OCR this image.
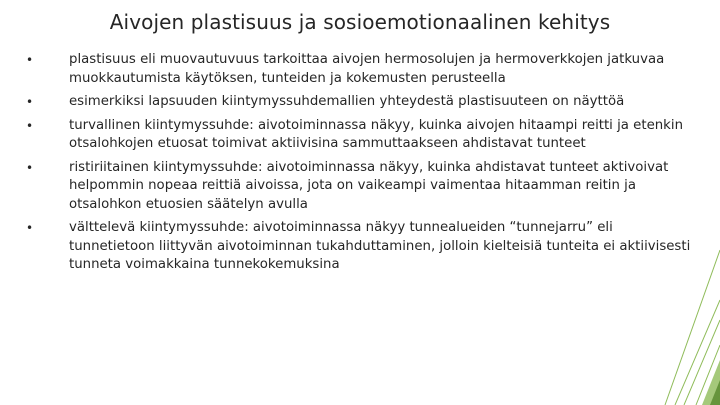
Aivojen plastisuus ja sosioemotionaalinen kehitys
•	plastisuus eli muovautuvuus tarkoittaa aivojen hermosolujen ja hermoverkkojen jatkuvaa muokkautumista käytöksen, tunteiden ja kokemusten perusteella
•	esimerkiksi lapsuuden kiintymyssuhdemallien yhteydestä plastisuuteen on näyttöä
•	turvallinen kiintymyssuhde: aivotoiminnassa näkyy, kuinka aivojen hitaampi reitti ja etenkin otsalohkojen etuosat toimivat aktiivisina sammuttaakseen ahdistavat tunteet
•	ristiriitainen kiintymyssuhde: aivotoiminnassa näkyy, kuinka ahdistavat tunteet aktivoivat helpommin nopeaa reittiä aivoissa, jota on vaikeampi vaimentaa hitaamman reitin ja otsalohkon etuosien säätelyn avulla
•	välttelevä kiintymyssuhde: aivotoiminnassa näkyy tunnealueiden “tunnejarru” eli tunnetietoon liittyvän aivotoiminnan tukahduttaminen, jolloin kielteisiä tunteita ei aktiivisesti tunneta voimakkaina tunnekokemuksina
